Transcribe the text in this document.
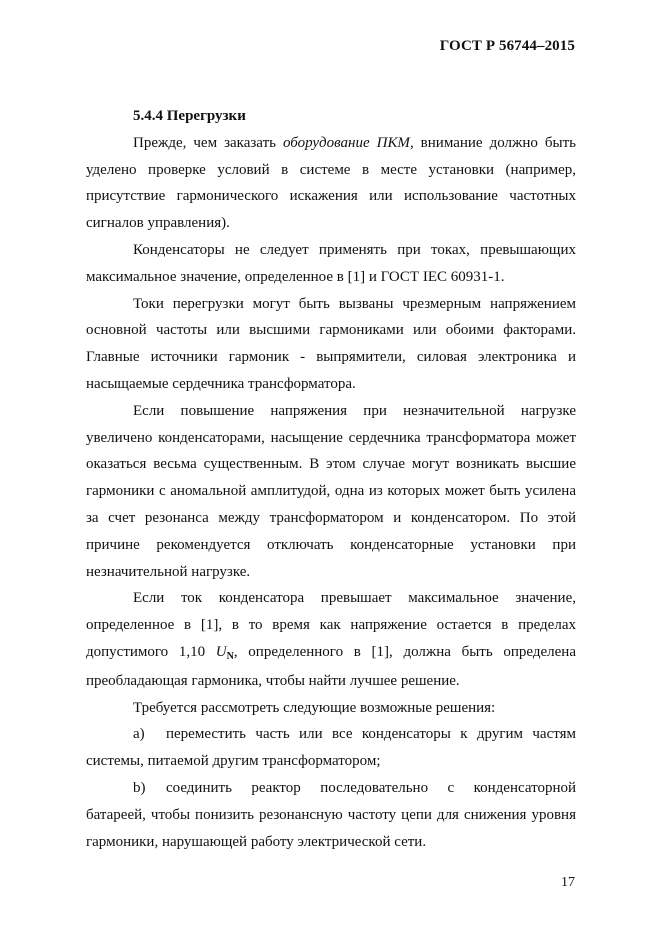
ГОСТ Р 56744–2015
5.4.4 Перегрузки

Прежде, чем заказать оборудование ПКМ, внимание должно быть уделено проверке условий в системе в месте установки (например, присутствие гармонического искажения или использование частотных сигналов управления).

Конденсаторы не следует применять при токах, превышающих максимальное значение, определенное в [1] и ГОСТ IEC 60931-1.

Токи перегрузки могут быть вызваны чрезмерным напряжением основной частоты или высшими гармониками или обоими факторами. Главные источники гармоник - выпрямители, силовая электроника и насыщаемые сердечника трансформатора.

Если повышение напряжения при незначительной нагрузке увеличено конденсаторами, насыщение сердечника трансформатора может оказаться весьма существенным. В этом случае могут возникать высшие гармоники с аномальной амплитудой, одна из которых может быть усилена за счет резонанса между трансформатором и конденсатором. По этой причине рекомендуется отключать конденсаторные установки при незначительной нагрузке.

Если ток конденсатора превышает максимальное значение, определенное в [1], в то время как напряжение остается в пределах допустимого 1,10 $U_N$, определенного в [1], должна быть определена преобладающая гармоника, чтобы найти лучшее решение.

Требуется рассмотреть следующие возможные решения:

а) переместить часть или все конденсаторы к другим частям системы, питаемой другим трансформатором;

b) соединить реактор последовательно с конденсаторной батареей, чтобы понизить резонансную частоту цепи для снижения уровня гармоники, нарушающей работу электрической сети.

17
